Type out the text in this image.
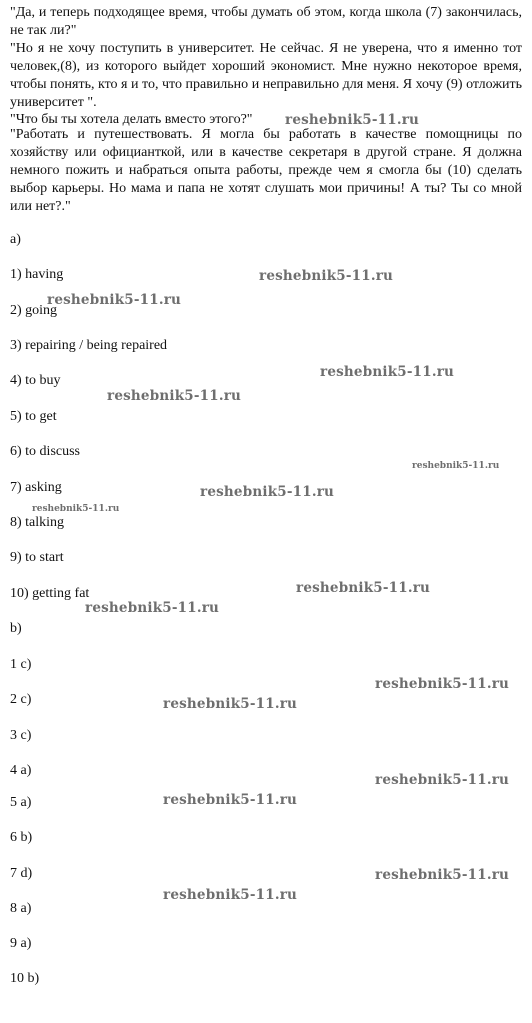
"Да, и теперь подходящее время, чтобы думать об этом, когда школа (7) закончилась, не так ли?"

"Но я не хочу поступить в университет. Не сейчас. Я не уверена, что я именно тот человек,(8), из которого выйдет хороший экономист. Мне нужно некоторое время, чтобы понять, кто я и то, что правильно и неправильно для меня. Я хочу (9) отложить университет ".

"Что бы ты хотела делать вместо этого?"

"Работать и путешествовать. Я могла бы работать в качестве помощницы по хозяйству или официанткой, или в качестве секретаря в другой стране. Я должна немного пожить и набраться опыта работы, прежде чем я смогла бы (10) сделать выбор карьеры. Но мама и папа не хотят слушать мои причины! А ты? Ты со мной или нет?."

a)
1) having
2) going
3) repairing / being repaired
4) to buy
5) to get
6) to discuss
7) asking
8) talking
9) to start
10) getting fat
b)
1 c)
2 c)
3 c)
4 a)
5 a)
6 b)
7 d)
8 a)
9 a)
10 b)
reshebnik5-11.ru
reshebnik5-11.ru
reshebnik5-11.ru
reshebnik5-11.ru
reshebnik5-11.ru
reshebnik5-11.ru
reshebnik5-11.ru
reshebnik5-11.ru
reshebnik5-11.ru
reshebnik5-11.ru
reshebnik5-11.ru
reshebnik5-11.ru
reshebnik5-11.ru
reshebnik5-11.ru
reshebnik5-11.ru
reshebnik5-11.ru
